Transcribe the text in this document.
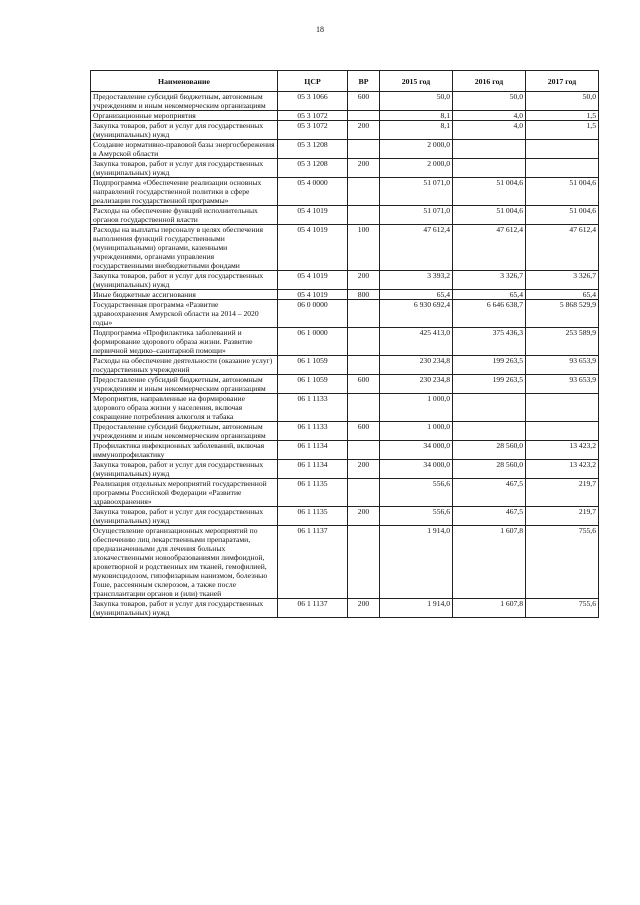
18
Наименование	ЦСР	ВР	2015 год	2016 год	2017 год
Предоставление субсидий бюджетным, автономным учреждениям и иным некоммерческим организациям	05 3 1066	600	50,0	50,0	50,0
Организационные мероприятия	05 3 1072		8,1	4,0	1,5
Закупка товаров, работ и услуг для государственных (муниципальных) нужд	05 3 1072	200	8,1	4,0	1,5
Создание нормативно-правовой базы энергосбережения в Амурской области	05 3 1208		2 000,0		
Закупка товаров, работ и услуг для государственных (муниципальных) нужд	05 3 1208	200	2 000,0		
Подпрограмма «Обеспечение реализации основных направлений государственной политики в сфере реализации государственной программы»	05 4 0000		51 071,0	51 004,6	51 004,6
Расходы на обеспечение функций исполнительных органов государственной власти	05 4 1019		51 071,0	51 004,6	51 004,6
Расходы на выплаты персоналу в целях обеспечения выполнения функций государственными (муниципальными) органами, казенными учреждениями, органами управления государственными внебюджетными фондами	05 4 1019	100	47 612,4	47 612,4	47 612,4
Закупка товаров, работ и услуг для государственных (муниципальных) нужд	05 4 1019	200	3 393,2	3 326,7	3 326,7
Иные бюджетные ассигнования	05 4 1019	800	65,4	65,4	65,4
Государственная программа «Развитие здравоохранения Амурской области на 2014 – 2020 годы»	06 0 0000		6 930 692,4	6 646 638,7	5 868 529,9
Подпрограмма «Профилактика заболеваний и формирование здорового образа жизни. Развитие первичной медико–санитарной помощи»	06 1 0000		425 413,0	375 436,3	253 589,9
Расходы на обеспечение деятельности (оказание услуг) государственных учреждений	06 1 1059		230 234,8	199 263,5	93 653,9
Предоставление субсидий бюджетным, автономным учреждениям и иным некоммерческим организациям	06 1 1059	600	230 234,8	199 263,5	93 653,9
Мероприятия, направленные на формирование здорового образа жизни у населения, включая сокращение потребления алкоголя и табака	06 1 1133		1 000,0		
Предоставление субсидий бюджетным, автономным учреждениям и иным некоммерческим организациям	06 1 1133	600	1 000,0		
Профилактика инфекционных заболеваний, включая иммунопрофилактику	06 1 1134		34 000,0	28 560,0	13 423,2
Закупка товаров, работ и услуг для государственных (муниципальных) нужд	06 1 1134	200	34 000,0	28 560,0	13 423,2
Реализация отдельных мероприятий государственной программы Российской Федерации «Развитие здравоохранения»	06 1 1135		556,6	467,5	219,7
Закупка товаров, работ и услуг для государственных (муниципальных) нужд	06 1 1135	200	556,6	467,5	219,7
Осуществление организационных мероприятий по обеспечению лиц лекарственными препаратами, предназначенными для лечения больных злокачественными новообразованиями лимфоидной, кроветворной и родственных им тканей, гемофилией, муковисцидозом, гипофизарным нанизмом, болезнью Гоше, рассеянным склерозом, а также после трансплантации органов и (или) тканей	06 1 1137		1 914,0	1 607,8	755,6
Закупка товаров, работ и услуг для государственных (муниципальных) нужд	06 1 1137	200	1 914,0	1 607,8	755,6
